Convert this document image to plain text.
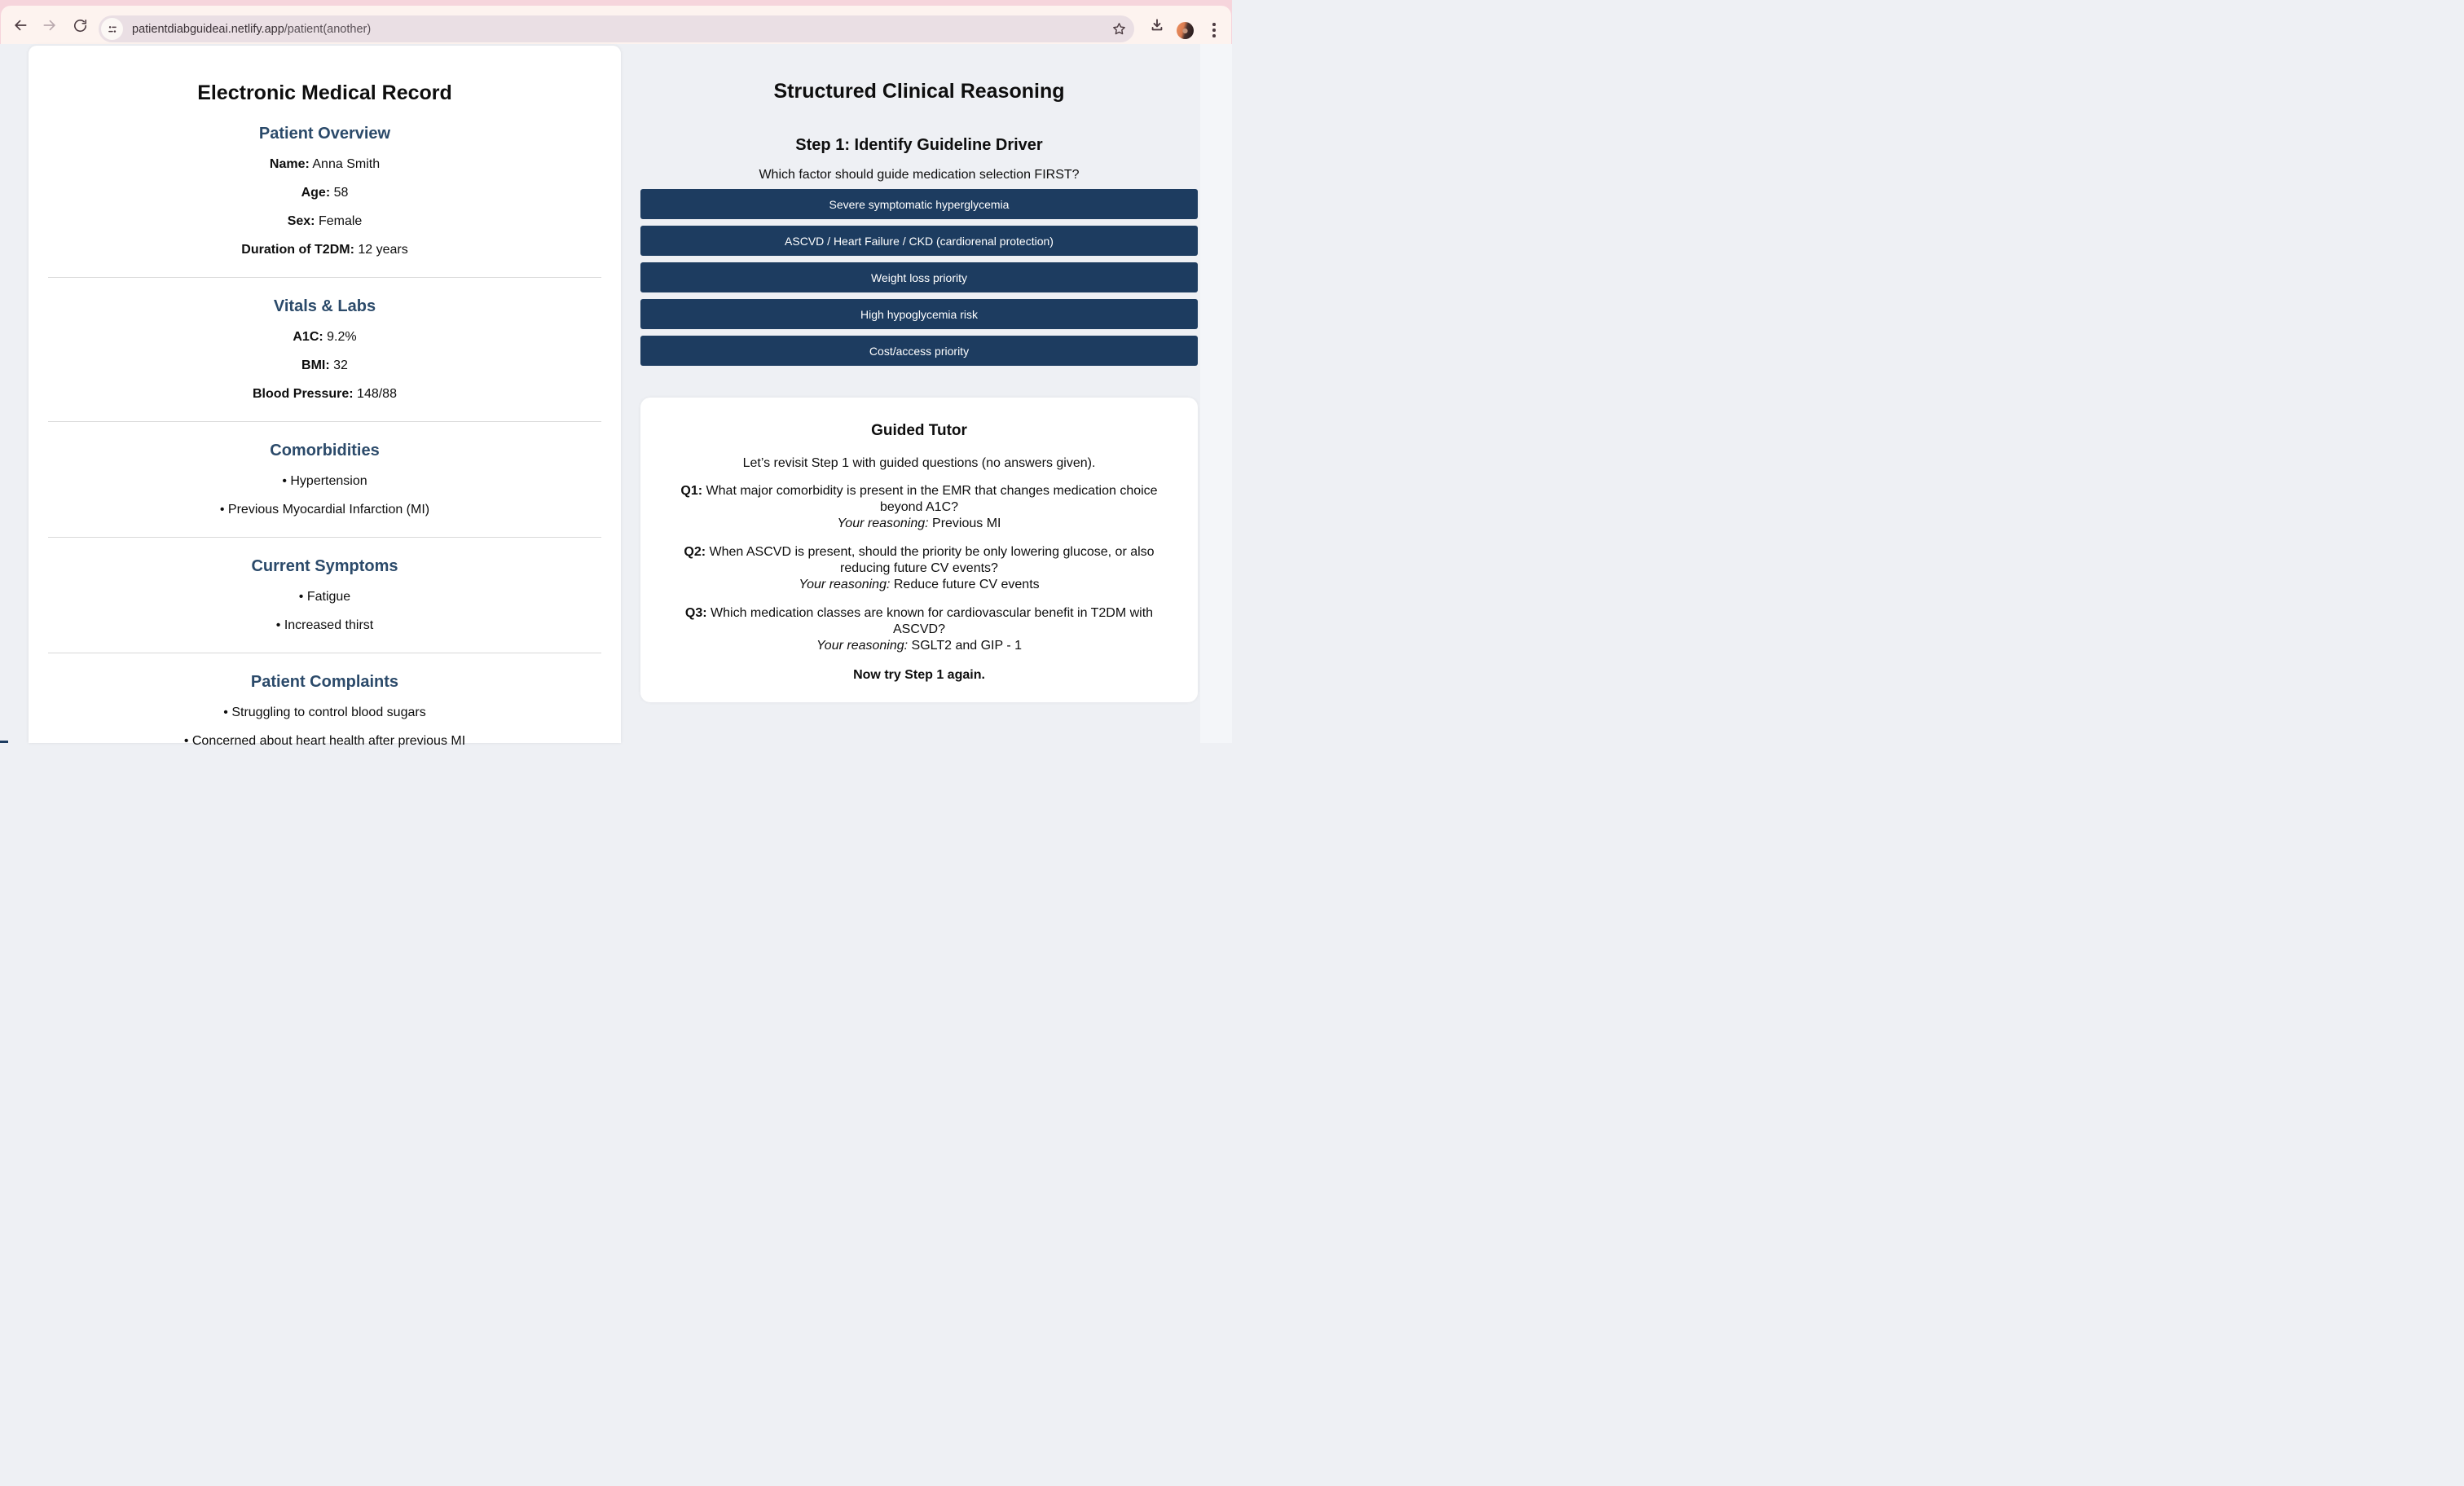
patientdiabguideai.netlify.app/patient(another)
Electronic Medical Record
Patient Overview

Name: Anna Smith

Age: 58

Sex: Female

Duration of T2DM: 12 years

Vitals & Labs

A1C: 9.2%

BMI: 32

Blood Pressure: 148/88

Comorbidities

• Hypertension

• Previous Myocardial Infarction (MI)

Current Symptoms

• Fatigue

• Increased thirst

Patient Complaints

• Struggling to control blood sugars

• Concerned about heart health after previous MI

Structured Clinical Reasoning
Step 1: Identify Guideline Driver

Which factor should guide medication selection FIRST?

Severe symptomatic hyperglycemia
ASCVD / Heart Failure / CKD (cardiorenal protection)
Weight loss priority
High hypoglycemia risk
Cost/access priority
Guided Tutor

Let’s revisit Step 1 with guided questions (no answers given).

Q1: What major comorbidity is present in the EMR that changes medication choice beyond A1C?
Your reasoning: Previous MI

Q2: When ASCVD is present, should the priority be only lowering glucose, or also reducing future CV events?
Your reasoning: Reduce future CV events

Q3: Which medication classes are known for cardiovascular benefit in T2DM with ASCVD?
Your reasoning: SGLT2 and GIP - 1

Now try Step 1 again.
